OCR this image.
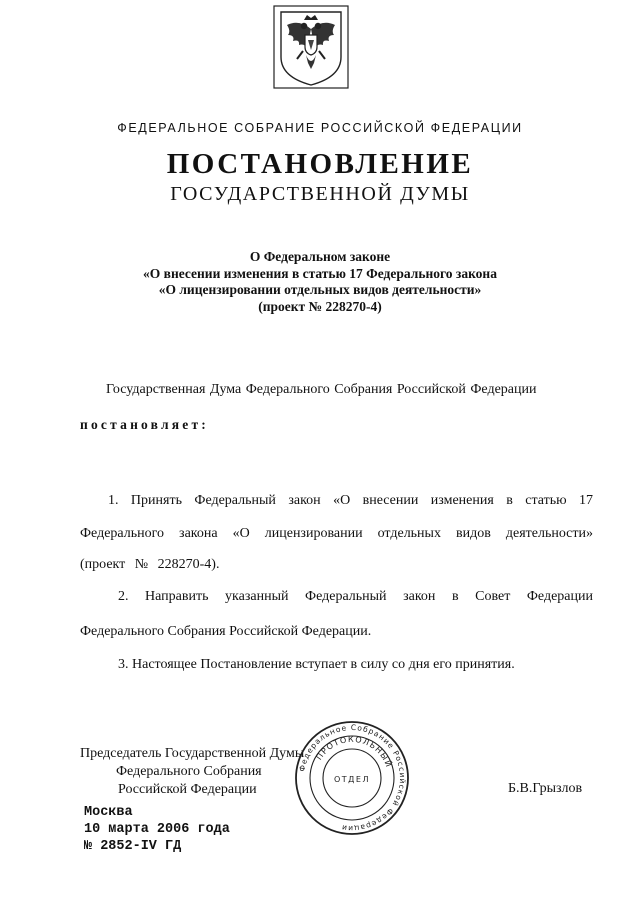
ФЕДЕРАЛЬНОЕ СОБРАНИЕ РОССИЙСКОЙ ФЕДЕРАЦИИ
ПОСТАНОВЛЕНИЕ
ГОСУДАРСТВЕННОЙ ДУМЫ
О Федеральном законе
«О внесении изменения в статью 17 Федерального закона
«О лицензировании отдельных видов деятельности»
(проект № 228270-4)
Государственная Дума Федерального Собрания Российской Федерации
постановляет:
1. Принять Федеральный закон «О внесении изменения в статью 17
Федерального закона «О лицензировании отдельных видов деятельности»
(проект № 228270-4).
2. Направить указанный Федеральный закон в Совет Федерации
Федерального Собрания Российской Федерации.
3. Настоящее Постановление вступает в силу со дня его принятия.
Председатель Государственной Думы
Федерального Собрания
Российской Федерации
Федеральное Собрание Российской Федерации
ПРОТОКОЛЬНЫЙ
ОТДЕЛ
Б.В.Грызлов
Москва
10 марта 2006 года
№ 2852-IV ГД
